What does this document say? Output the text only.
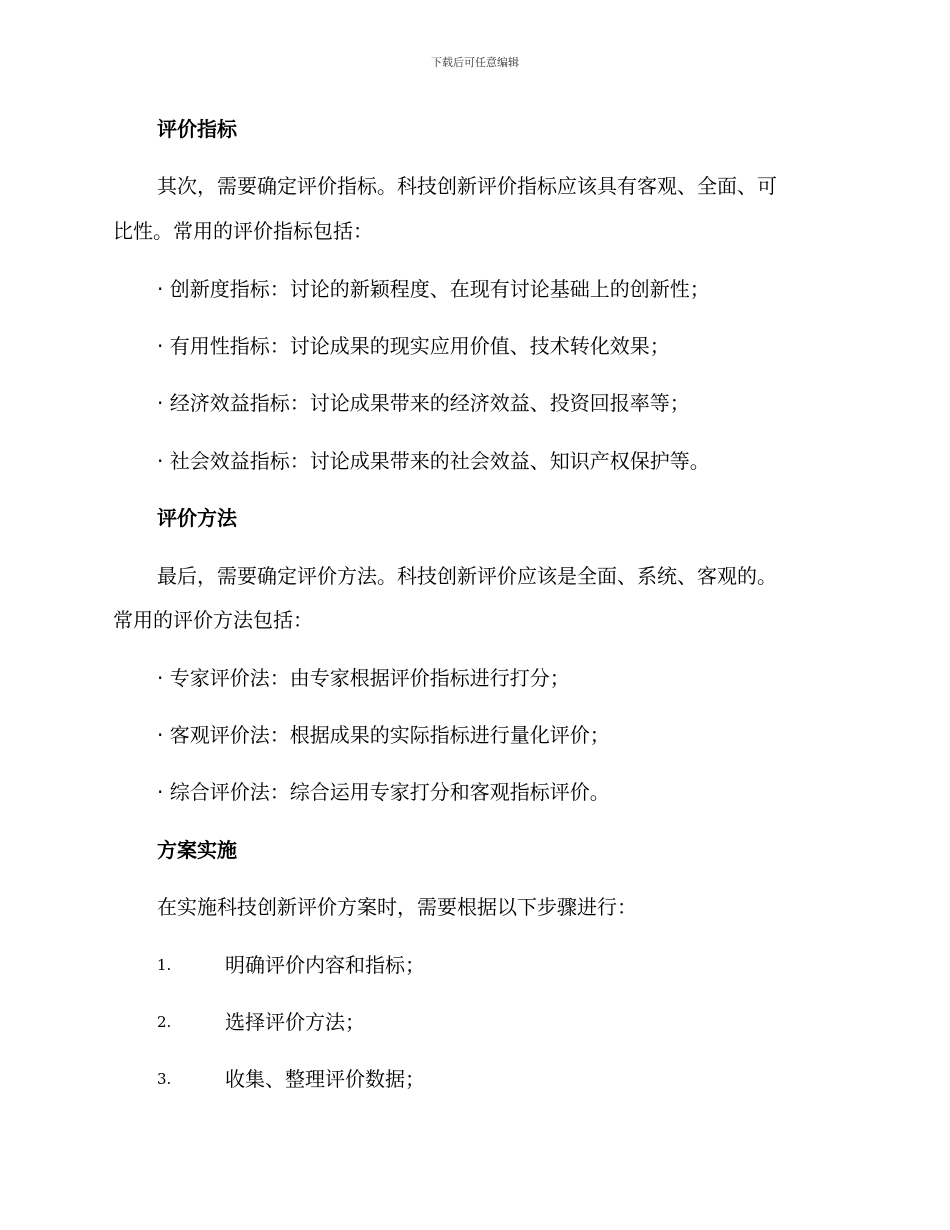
下载后可任意编辑
评价指标
其次，需要确定评价指标。科技创新评价指标应该具有客观、全面、可
比性。常用的评价指标包括：
· 创新度指标：讨论的新颖程度、在现有讨论基础上的创新性；
· 有用性指标：讨论成果的现实应用价值、技术转化效果；
· 经济效益指标：讨论成果带来的经济效益、投资回报率等；
· 社会效益指标：讨论成果带来的社会效益、知识产权保护等。
评价方法
最后，需要确定评价方法。科技创新评价应该是全面、系统、客观的。
常用的评价方法包括：
· 专家评价法：由专家根据评价指标进行打分；
· 客观评价法：根据成果的实际指标进行量化评价；
· 综合评价法：综合运用专家打分和客观指标评价。
方案实施
在实施科技创新评价方案时，需要根据以下步骤进行：
1.	明确评价内容和指标；
2.	选择评价方法；
3.	收集、整理评价数据；
